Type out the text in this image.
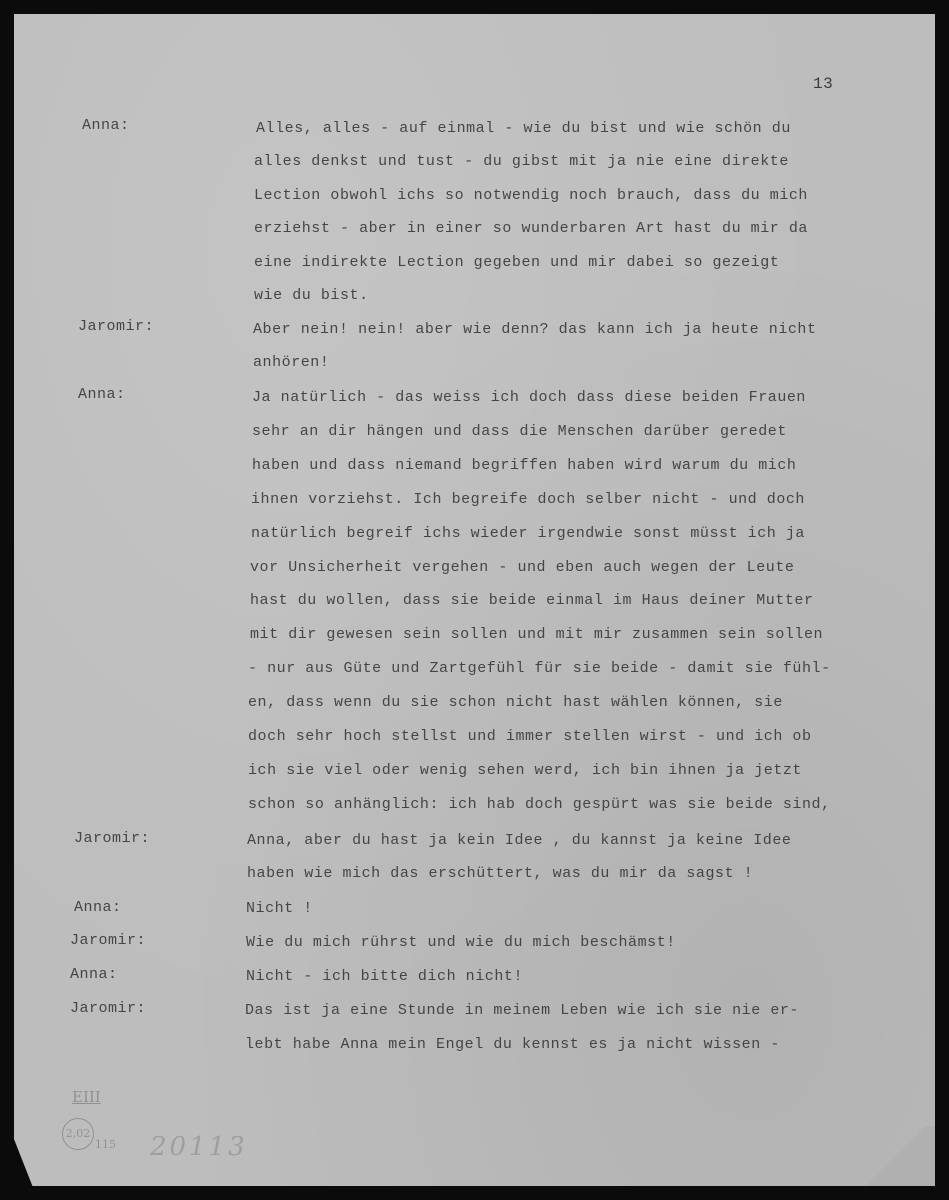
13
Anna:
Jaromir:
Anna:
Jaromir:
Anna:
Jaromir:
Anna:
Jaromir:
Alles, alles - auf einmal - wie du bist und wie schön du
alles denkst und tust - du gibst mit ja nie eine direkte
Lection obwohl ichs so notwendig noch brauch, dass du mich
erziehst - aber in einer so wunderbaren Art hast du mir da
eine indirekte Lection gegeben und mir dabei so gezeigt
wie du bist.
Aber nein! nein! aber wie denn? das kann ich ja heute nicht
anhören!
Ja natürlich - das weiss ich doch dass diese beiden Frauen
sehr an dir hängen und dass die Menschen darüber geredet
haben und dass niemand begriffen haben wird warum du mich
ihnen vorziehst. Ich begreife doch selber nicht - und doch
natürlich begreif ichs wieder irgendwie sonst müsst ich ja
vor Unsicherheit vergehen - und eben auch wegen der Leute
hast du wollen, dass sie beide einmal im Haus deiner Mutter
mit dir gewesen sein sollen und mit mir zusammen sein sollen
- nur aus Güte und Zartgefühl für sie beide - damit sie fühl-
en, dass wenn du sie schon nicht hast wählen können, sie
doch sehr hoch stellst und immer stellen wirst - und ich ob
ich sie viel oder wenig sehen werd, ich bin ihnen ja jetzt
schon so anhänglich: ich hab doch gespürt was sie beide sind,
Anna, aber du hast ja kein Idee , du kannst ja keine Idee
haben wie mich das erschüttert, was du mir da sagst !
Nicht !
Wie du mich rührst und wie du mich beschämst!
Nicht - ich bitte dich nicht!
Das ist ja eine Stunde in meinem Leben wie ich sie nie er-
lebt habe Anna mein Engel du kennst es ja nicht wissen -
EIII
2,02
115 20113
